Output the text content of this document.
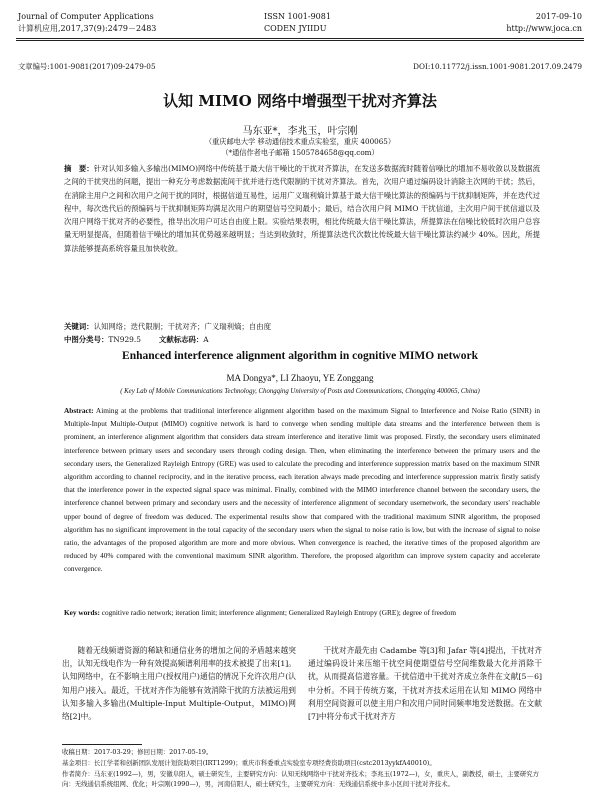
Journal of Computer Applications
计算机应用,2017,37(9):2479－2483
ISSN 1001-9081
CODEN JYIIDU
2017-09-10
http://www.joca.cn
文章编号:1001-9081(2017)09-2479-05	DOI:10.11772/j.issn.1001-9081.2017.09.2479
认知 MIMO 网络中增强型干扰对齐算法
马东亚*，李兆玉，叶宗刚
（重庆邮电大学 移动通信技术重点实验室，重庆 400065）
（*通信作者电子邮箱 1505784658@qq.com）
摘　要：针对认知多输入多输出(MIMO)网络中传统基于最大信干噪比的干扰对齐算法，在发送多数据流时随着信噪比的增加不易收敛以及数据流之间的干扰突出的问题，提出一种充分考虑数据流间干扰并进行迭代限制的干扰对齐算法。首先，次用户通过编码设计消除主次网的干扰；然后，在消除主用户之间和次用户之间干扰的同时，根据信道互易性，运用广义瑞利熵计算基于最大信干噪比算法的预编码与干扰抑制矩阵，并在迭代过程中，每次迭代后的预编码与干扰抑制矩阵均满足次用户的期望信号空间最小；最后，结合次用户间 MIMO 干扰信道，主次用户间干扰信道以及次用户网络干扰对齐的必要性，推导出次用户可达自由度上限。实验结果表明，相比传统最大信干噪比算法，所提算法在信噪比较低时次用户总容量无明显提高，但随着信干噪比的增加其优势越来越明显；当达到收敛时，所提算法迭代次数比传统最大信干噪比算法约减少 40%。因此，所提算法能够提高系统容量且加快收敛。
关键词：认知网络；迭代限制；干扰对齐；广义瑞利熵；自由度
中图分类号：TN929.5 文献标志码：A
Enhanced interference alignment algorithm in cognitive MIMO network
MA Dongya*, LI Zhaoyu, YE Zonggang
( Key Lab of Mobile Communications Technology, Chongqing University of Posts and Communications, Chongqing 400065, China)
Abstract: Aiming at the problems that traditional interference alignment algorithm based on the maximum Signal to Interference and Noise Ratio (SINR) in Multiple-Input Multiple-Output (MIMO) cognitive network is hard to converge when sending multiple data streams and the interference between them is prominent, an interference alignment algorithm that considers data stream interference and iterative limit was proposed. Firstly, the secondary users eliminated interference between primary users and secondary users through coding design. Then, when eliminating the interference between the primary users and the secondary users, the Generalized Rayleigh Entropy (GRE) was used to calculate the precoding and interference suppression matrix based on the maximum SINR algorithm according to channel reciprocity, and in the iterative process, each iteration always made precoding and interference suppression matrix firstly satisfy that the interference power in the expected signal space was minimal. Finally, combined with the MIMO interference channel between the secondary users, the interference channel between primary and secondary users and the necessity of interference alignment of secondary usernetwork, the secondary users' reachable upper bound of degree of freedom was deduced. The experimental results show that compared with the traditional maximum SINR algorithm, the proposed algorithm has no significant improvement in the total capacity of the secondary users when the signal to noise ratio is low, but with the increase of signal to noise ratio, the advantages of the proposed algorithm are more and more obvious. When convergence is reached, the iterative times of the proposed algorithm are reduced by 40% compared with the conventional maximum SINR algorithm. Therefore, the proposed algorithm can improve system capacity and accelerate convergence.
Key words: cognitive radio network; iteration limit; interference alignment; Generalized Rayleigh Entropy (GRE); degree of freedom
随着无线频谱资源的稀缺和通信业务的增加之间的矛盾越来越突出，认知无线电作为一种有效提高频谱利用率的技术被提了出来[1]。认知网络中，在不影响主用户(授权用户)通信的情况下允许次用户(认知用户)接入。最近，干扰对齐作为能够有效消除干扰的方法被运用到认知多输入多输出(Multiple-Input Multiple-Output，MIMO)网络[2]中。
干扰对齐最先由 Cadambe 等[3]和 Jafar 等[4]提出，干扰对齐通过编码设计来压缩干扰空间使期望信号空间维数最大化并消除干扰，从而提高信道容量。干扰信道中干扰对齐成立条件在文献[5－6]中分析。不同于传统方案，干扰对齐技术运用在认知 MIMO 网络中利用空间资源可以使主用户和次用户同时同频率地发送数据。在文献[7]中将分布式干扰对齐方
收稿日期：2017-03-29；修回日期：2017-05-19。
基金项目：长江学者和创新团队发展计划资助项目(IRT1299)；重庆市科委重点实验室专项经费资助项目(cstc2013yykfA40010)。
作者简介：马东亚(1992—)，男，安徽阜阳人，硕士研究生，主要研究方向：认知无线网络中干扰对齐技术；李兆玉(1972—)，女，重庆人，副教授，硕士，主要研究方向：无线通信系统组网、优化；叶宗刚(1990—)，男，河南信阳人，硕士研究生，主要研究方向：无线通信系统中多小区间干扰对齐技术。
